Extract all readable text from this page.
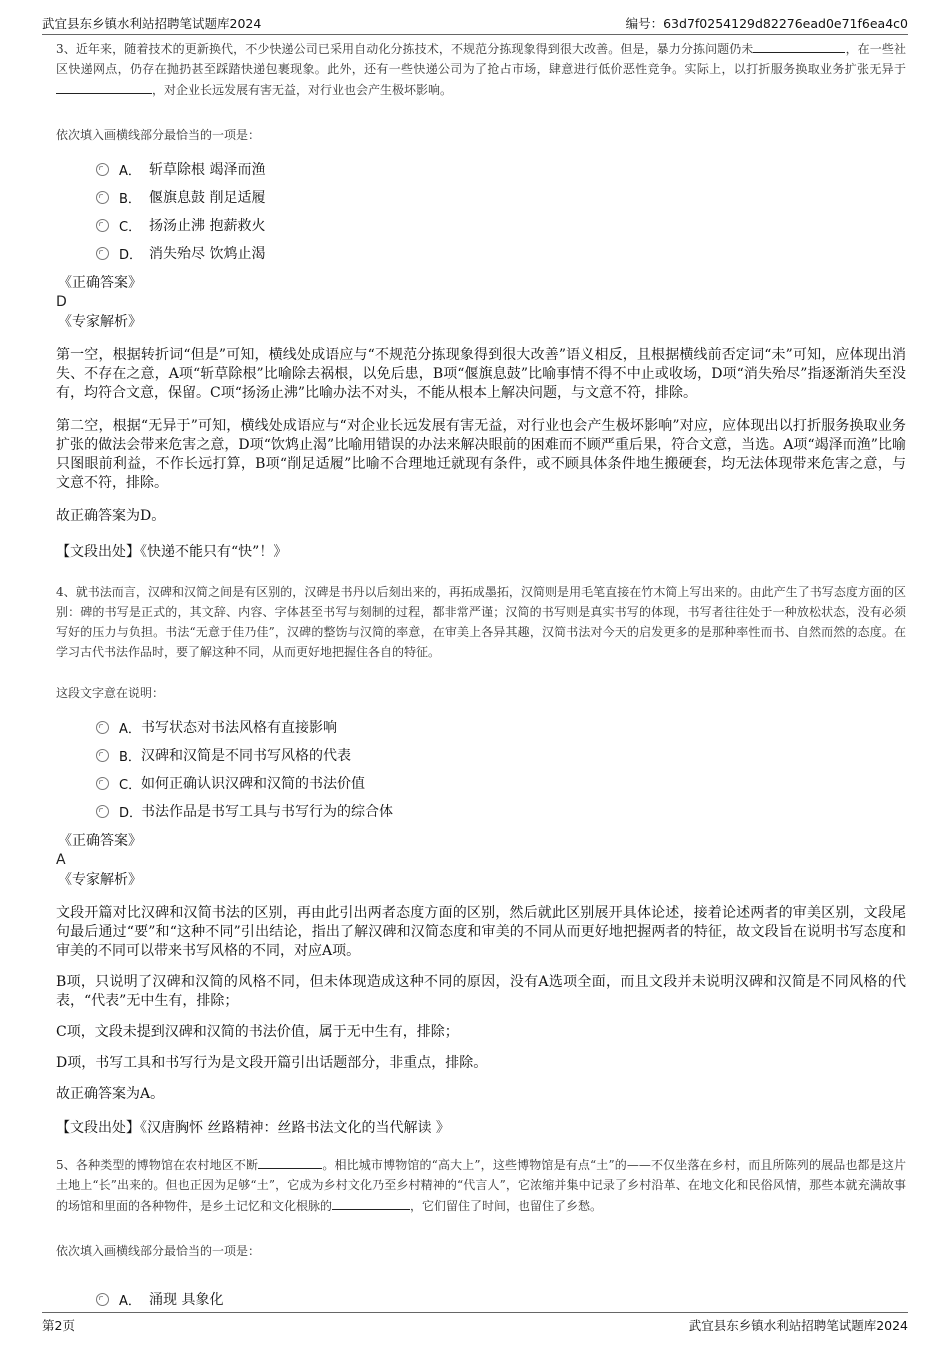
武宜县东乡镇水利站招聘笔试题库2024	编号：63d7f0254129d82276ead0e71f6ea4c0

3、近年来，随着技术的更新换代，不少快递公司已采用自动化分拣技术，不规范分拣现象得到很大改善。但是，暴力分拣问题仍未	，在一些社区快递网点，仍存在抛扔甚至踩踏快递包裹现象。此外，还有一些快递公司为了抢占市场，肆意进行低价恶性竞争。实际上，以打折服务换取业务扩张无异于，对企业长远发展有害无益，对行业也会产生极坏影响。

依次填入画横线部分最恰当的一项是：

A． 斩草除根 竭泽而渔
B． 偃旗息鼓 削足适履
C． 扬汤止沸 抱薪救火
D． 消失殆尽 饮鸩止渴

《正确答案》

D

《专家解析》

第一空，根据转折词“但是”可知，横线处成语应与“不规范分拣现象得到很大改善”语义相反，且根据横线前否定词“未”可知，应体现出消失、不存在之意，A项“斩草除根”比喻除去祸根，以免后患，B项“偃旗息鼓”比喻事情不得不中止或收场，D项“消失殆尽”指逐渐消失至没有，均符合文意，保留。C项“扬汤止沸”比喻办法不对头，不能从根本上解决问题，与文意不符，排除。

第二空，根据“无异于”可知，横线处成语应与“对企业长远发展有害无益，对行业也会产生极坏影响”对应，应体现出以打折服务换取业务扩张的做法会带来危害之意，D项“饮鸩止渴”比喻用错误的办法来解决眼前的困难而不顾严重后果，符合文意，当选。A项“竭泽而渔”比喻只图眼前利益，不作长远打算，B项“削足适履”比喻不合理地迁就现有条件，或不顾具体条件地生搬硬套，均无法体现带来危害之意，与文意不符，排除。

故正确答案为D。

【文段出处】《快递不能只有“快”！》

4、就书法而言，汉碑和汉简之间是有区别的，汉碑是书丹以后刻出来的，再拓成墨拓，汉简则是用毛笔直接在竹木简上写出来的。由此产生了书写态度方面的区别：碑的书写是正式的，其文辞、内容、字体甚至书写与刻制的过程，都非常严谨；汉简的书写则是真实书写的体现，书写者往往处于一种放松状态，没有必须写好的压力与负担。书法“无意于佳乃佳”，汉碑的整饬与汉简的率意，在审美上各异其趣，汉简书法对今天的启发更多的是那种率性而书、自然而然的态度。在学习古代书法作品时，要了解这种不同，从而更好地把握住各自的特征。

这段文字意在说明：

A． 书写状态对书法风格有直接影响
B． 汉碑和汉简是不同书写风格的代表
C． 如何正确认识汉碑和汉简的书法价值
D．
书法作品是书写工具与书写行为的综合体

《正确答案》

A

《专家解析》

文段开篇对比汉碑和汉简书法的区别，再由此引出两者态度方面的区别，然后就此区别展开具体论述，接着论述两者的审美区别，文段尾句最后通过“要”和“这种不同”引出结论，指出了解汉碑和汉简态度和审美的不同从而更好地把握两者的特征，故文段旨在说明书写态度和审美的不同可以带来书写风格的不同，对应A项。

B项，只说明了汉碑和汉简的风格不同，但未体现造成这种不同的原因，没有A选项全面，而且文段并未说明汉碑和汉简是不同风格的代表，“代表”无中生有，排除；

C项，文段未提到汉碑和汉简的书法价值，属于无中生有，排除；

D项，书写工具和书写行为是文段开篇引出话题部分，非重点，排除。

故正确答案为A。

【文段出处】《汉唐胸怀 丝路精神：丝路书法文化的当代解读 》

5、各种类型的博物馆在农村地区不断	。相比城市博物馆的“高大上”，这些博物馆是有点“土”的——不仅坐落在乡村，而且所陈列的展品也都是这片土地上“长”出来的。但也正因为足够“土”，它成为乡村文化乃至乡村精神的“代言人”，它浓缩并集中记录了乡村沿革、在地文化和民俗风情，那些本就充满故事的场馆和里面的各种物件，是乡土记忆和文化根脉的	，它们留住了时间，也留住了乡愁。

依次填入画横线部分最恰当的一项是：

A． 涌现 具象化
第2页	武宜县东乡镇水利站招聘笔试题库2024
